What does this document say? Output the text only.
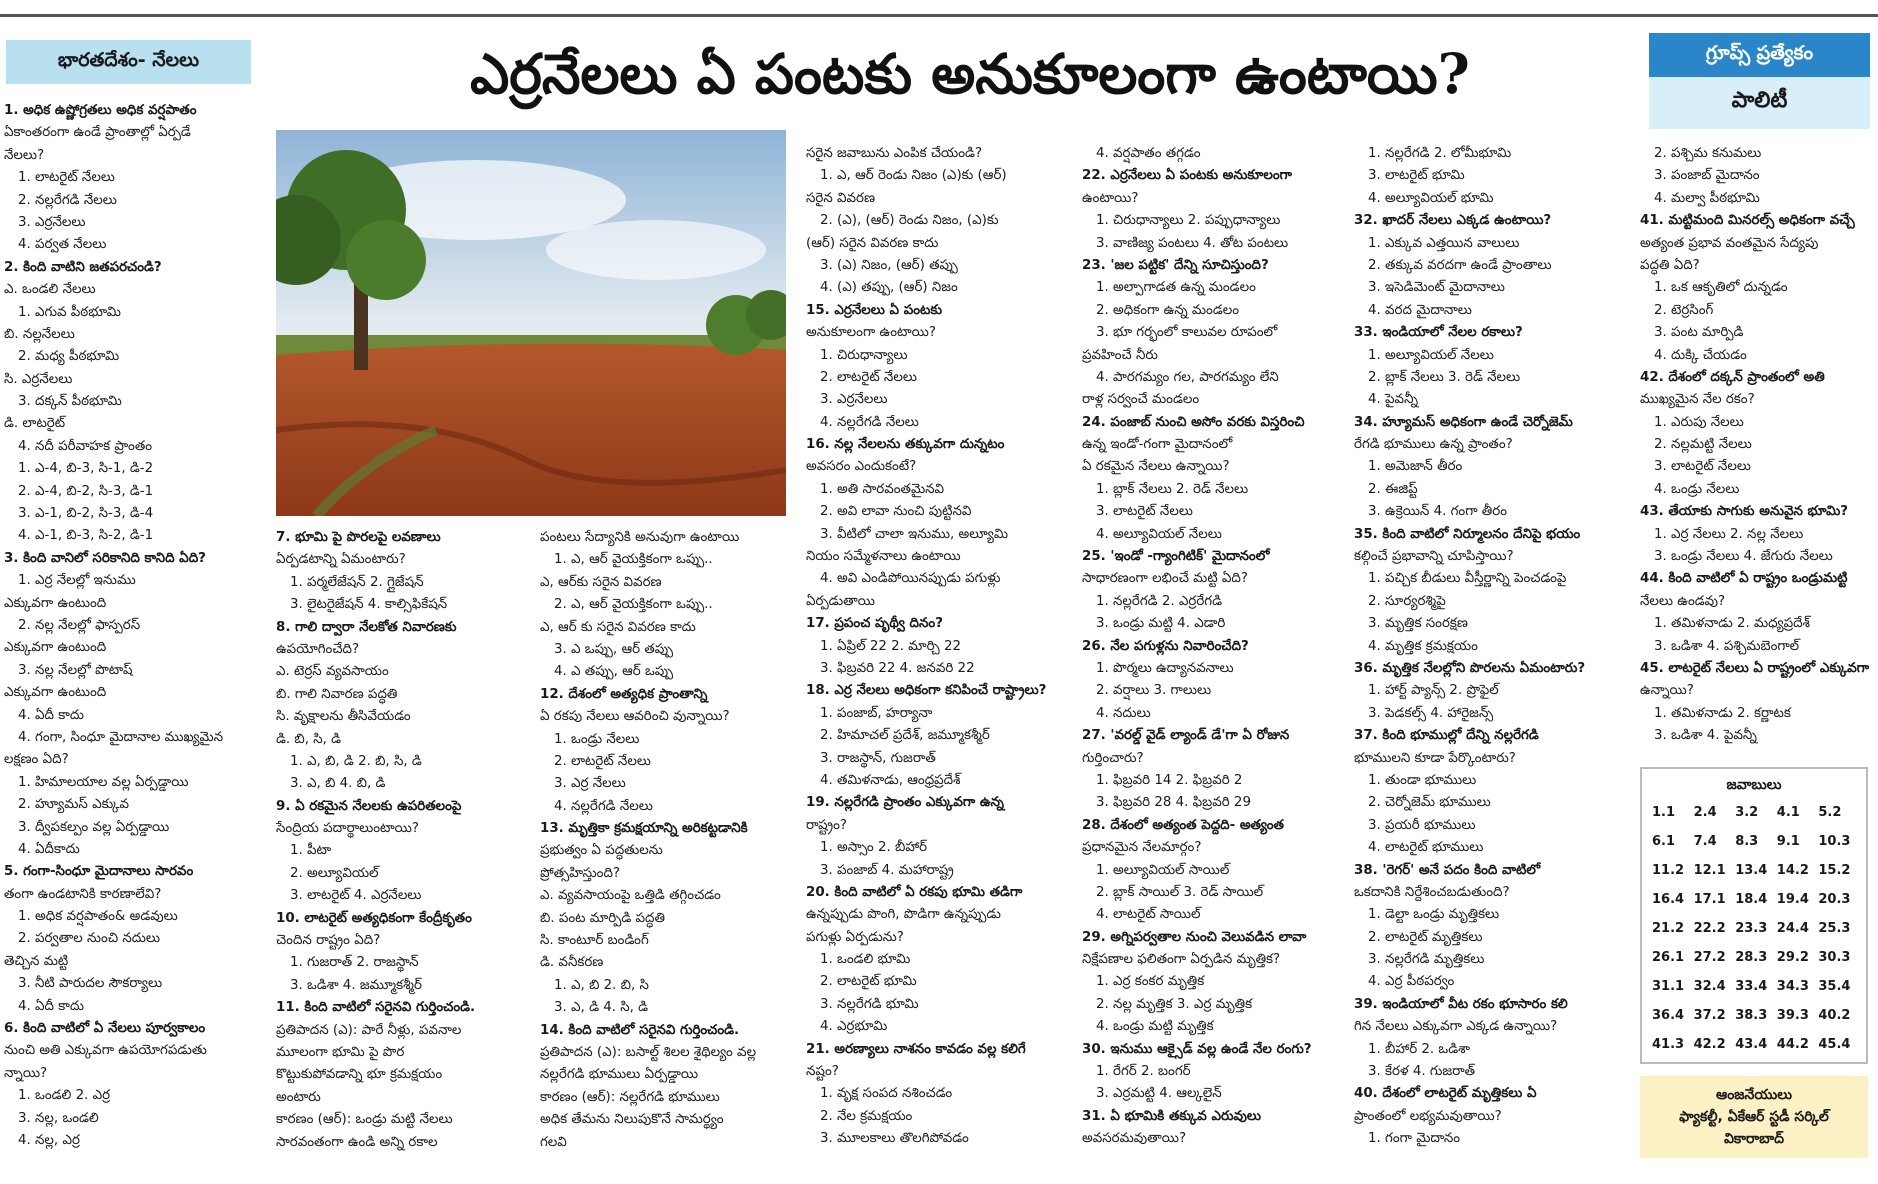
భారతదేశం- నేలలు	ఎర్రనేలలు ఏ పంటకు అనుకూలంగా ఉంటాయి?	గ్రూప్స్ ప్రత్యేకం
పాలిటీ
1. అధిక ఉష్ణోగ్రతలు అధిక వర్షపాతం
ఏకాంతరంగా ఉండే ప్రాంతాల్లో ఏర్పడే
నేలలు?
1. లాటరైట్ నేలలు
2. నల్లరేగడి నేలలు
3. ఎర్రనేలలు
4. పర్వత నేలలు
2. కింది వాటిని జతపరచండి?
ఎ. ఒండలి నేలలు
1. ఎగువ పీఠభూమి
బి. నల్లనేలలు
2. మధ్య పీఠభూమి
సి. ఎర్రనేలలు
3. దక్కన్ పీఠభూమి
డి. లాటరైట్
4. నదీ పరీవాహక ప్రాంతం
1. ఎ-4, బి-3, సి-1, డి-2
2. ఎ-4, బి-2, సి-3, డి-1
3. ఎ-1, బి-2, సి-3, డి-4
4. ఎ-1, బి-3, సి-2, డి-1
3. కింది వానిలో సరికానిది కానిది ఏది?
1. ఎర్ర నేలల్లో ఇనుము
ఎక్కువగా ఉంటుంది
2. నల్ల నేలల్లో ఫాస్పరస్
ఎక్కువగా ఉంటుంది
3. నల్ల నేలల్లో పొటాష్
ఎక్కువగా ఉంటుంది
4. ఏదీ కాదు
4. గంగా, సింధూ మైదానాల ముఖ్యమైన
లక్షణం ఏది?
1. హిమాలయాల వల్ల ఏర్పడ్డాయి
2. హ్యూమస్ ఎక్కువ
3. ద్వీపకల్పం వల్ల ఏర్పడ్డాయి
4. ఏదీకాదు
5. గంగా-సింధూ మైదానాలు సారవం
తంగా ఉండటానికి కారణాలేవి?
1. అధిక వర్షపాతం& అడవులు
2. పర్వతాల నుంచి నదులు
తెచ్చిన మట్టి
3. నీటి పారుదల సౌకర్యాలు
4. ఏదీ కాదు
6. కింది వాటిలో ఏ నేలలు పూర్వకాలం
నుంచి అతి ఎక్కువగా ఉపయోగపడుతు
న్నాయి?
1. ఒండలి 2. ఎర్ర
3. నల్ల, ఒండలి
4. నల్ల, ఎర్ర
7. భూమి పై పొరలపై లవణాలు
ఏర్పడటాన్ని ఏమంటారు?
1. పర్మలేజేషన్ 2. గ్లైజేషన్
3. లైటరైజేషన్ 4. కాల్సిఫికేషన్
8. గాలి ద్వారా నేలకోత నివారణకు
ఉపయోగించేది?
ఎ. టెర్రస్ వ్యవసాయం
బి. గాలి నివారణ పద్ధతి
సి. వృక్షాలను తీసివేయడం
డి. బి, సి, డి
1. ఎ, బి, డి 2. బి, సి, డి
3. ఎ, బి 4. బి, డి
9. ఏ రకమైన నేలలకు ఉపరితలంపై
సేంద్రియ పదార్థాలుంటాయి?
1. పీటా
2. అల్యూవియల్
3. లాటరైట్ 4. ఎర్రనేలలు
10. లాటరైట్ అత్యధికంగా కేంద్రీకృతం
చెందిన రాష్ట్రం ఏది?
1. గుజరాత్ 2. రాజస్థాన్
3. ఒడిశా 4. జమ్మూకశ్మీర్
11. కింది వాటిలో సరైనవి గుర్తించండి.
ప్రతిపాదన (ఎ): పారే నీళ్లు, పవనాల
మూలంగా భూమి పై పొర
కొట్టుకుపోవడాన్ని భూ క్రమక్షయం
అంటారు
కారణం (ఆర్): ఒండ్రు మట్టి నేలలు
సారవంతంగా ఉండి అన్ని రకాల
పంటలు సేద్యానికి అనువుగా ఉంటాయి
1. ఎ, ఆర్ వైయక్తికంగా ఒప్పు..
ఎ, ఆర్‌కు సరైన వివరణ
2. ఎ, ఆర్ వైయక్తికంగా ఒప్పు..
ఎ, ఆర్ కు సరైన వివరణ కాదు
3. ఎ ఒప్పు, ఆర్ తప్పు
4. ఎ తప్పు, ఆర్ ఒప్పు
12. దేశంలో అత్యధిక ప్రాంతాన్ని
ఏ రకపు నేలలు ఆవరించి వున్నాయి?
1. ఒండ్రు నేలలు
2. లాటరైట్ నేలలు
3. ఎర్ర నేలలు
4. నల్లరేగడి నేలలు
13. మృత్తికా క్రమక్షయాన్ని అరికట్టడానికి
ప్రభుత్వం ఏ పద్ధతులను
ప్రోత్సహిస్తుంది?
ఎ. వ్యవసాయంపై ఒత్తిడి తగ్గించడం
బి. పంట మార్పిడి పద్ధతి
సి. కాంటూర్ బండింగ్
డి. వనీకరణ
1. ఎ, బి 2. బి, సి
3. ఎ, డి 4. సి, డి
14. కింది వాటిలో సరైనవి గుర్తించండి.
ప్రతిపాదన (ఎ): బసాల్ట్ శిలల శైథిల్యం వల్ల
నల్లరేగడి భూములు ఏర్పడ్డాయి
కారణం (ఆర్): నల్లరేగడి భూములు
అధిక తేమను నిలుపుకొనే సామర్థ్యం
గలవి
సరైన జవాబును ఎంపిక చేయండి?
1. ఎ, ఆర్ రెండు నిజం (ఎ)కు (ఆర్)
సరైన వివరణ
2. (ఎ), (ఆర్) రెండు నిజం, (ఎ)కు
(ఆర్) సరైన వివరణ కాదు
3. (ఎ) నిజం, (ఆర్) తప్పు
4. (ఎ) తప్పు, (ఆర్) నిజం
15. ఎర్రనేలలు ఏ పంటకు
అనుకూలంగా ఉంటాయి?
1. చిరుధాన్యాలు
2. లాటరైట్ నేలలు
3. ఎర్రనేలలు
4. నల్లరేగడి నేలలు
16. నల్ల నేలలను తక్కువగా దున్నటం
అవసరం ఎందుకంటే?
1. అతి సారవంతమైనవి
2. అవి లావా నుంచి పుట్టినవి
3. వీటిలో చాలా ఇనుము, అల్యూమి
నియం సమ్మేళనాలు ఉంటాయి
4. అవి ఎండిపోయినప్పుడు పగుళ్లు
ఏర్పడుతాయి
17. ప్రపంచ పృథ్వీ దినం?
1. ఏప్రిల్ 22 2. మార్చి 22
3. ఫిబ్రవరి 22 4. జనవరి 22
18. ఎర్ర నేలలు అధికంగా కనిపించే రాష్ట్రాలు?
1. పంజాబ్, హర్యానా
2. హిమాచల్ ప్రదేశ్, జమ్మూకశ్మీర్
3. రాజస్థాన్, గుజరాత్
4. తమిళనాడు, ఆంధ్రప్రదేశ్
19. నల్లరేగడి ప్రాంతం ఎక్కువగా ఉన్న
రాష్ట్రం?
1. అస్సాం 2. బీహార్
3. పంజాబ్ 4. మహారాష్ట్ర
20. కింది వాటిలో ఏ రకపు భూమి తడిగా
ఉన్నప్పుడు పొంగి, పొడిగా ఉన్నప్పుడు
పగుళ్లు ఏర్పడును?
1. ఒండలి భూమి
2. లాటరైట్ భూమి
3. నల్లరేగడి భూమి
4. ఎర్రభూమి
21. అరణ్యాలు నాశనం కావడం వల్ల కలిగే
నష్టం?
1. వృక్ష సంపద నశించడం
2. నేల క్రమక్షయం
3. మూలకాలు తొలగిపోవడం
4. వర్షపాతం తగ్గడం
22. ఎర్రనేలలు ఏ పంటకు అనుకూలంగా
ఉంటాయి?
1. చిరుధాన్యాలు 2. పప్పుధాన్యాలు
3. వాణిజ్య పంటలు 4. తోట పంటలు
23. 'జల పట్టిక' దేన్ని సూచిస్తుంది?
1. అల్పాగాడత ఉన్న మండలం
2. అధికంగా ఉన్న మండలం
3. భూ గర్భంలో కాలువల రూపంలో
ప్రవహించే నీరు
4. పారగమ్యం గల, పారగమ్యం లేని
రాళ్ల సర్వంచే మండలం
24. పంజాబ్ నుంచి అసోం వరకు విస్తరించి
ఉన్న ఇండో-గంగా మైదానంలో
ఏ రకమైన నేలలు ఉన్నాయి?
1. బ్లాక్ నేలలు 2. రెడ్ నేలలు
3. లాటరైట్ నేలలు
4. అల్యూవియల్ నేలలు
25. 'ఇండో -గ్యాంగిటిక్' మైదానంలో
సాధారణంగా లభించే మట్టి ఏది?
1. నల్లరేగడి 2. ఎర్రరేగడి
3. ఒండ్రు మట్టి 4. ఎడారి
26. నేల పగుళ్లను నివారించేది?
1. పొర్మలు ఉద్యానవనాలు
2. వర్షాలు 3. గాలులు
4. నదులు
27. 'వరల్డ్ వైడ్ ల్యాండ్ డే'గా ఏ రోజున
గుర్తించారు?
1. ఫిబ్రవరి 14 2. ఫిబ్రవరి 2
3. ఫిబ్రవరి 28 4. ఫిబ్రవరి 29
28. దేశంలో అత్యంత పెద్దది- అత్యంత
ప్రధానమైన నేలమార్గం?
1. అల్యూవియల్ సాయిల్
2. బ్లాక్ సాయిల్ 3. రెడ్ సాయిల్
4. లాటరైట్ సాయిల్
29. అగ్నిపర్వతాల నుంచి వెలువడిన లావా
నిక్షేపణాల ఫలితంగా ఏర్పడిన మృత్తిక?
1. ఎర్ర కంకర మృత్తిక
2. నల్ల మృత్తిక 3. ఎర్ర మృత్తిక
4. ఒండ్రు మట్టి మృత్తిక
30. ఇనుము ఆక్సైడ్ వల్ల ఉండే నేల రంగు?
1. రేగర్ 2. బంగర్
3. ఎర్రమట్టి 4. ఆల్కలైన్
31. ఏ భూమికి తక్కువ ఎరువులు
అవసరమవుతాయి?
1. నల్లరేగడి 2. లోమీభూమి
3. లాటరైట్ భూమి
4. అల్యూవియల్ భూమి
32. ఖాదర్ నేలలు ఎక్కడ ఉంటాయి?
1. ఎక్కువ ఎత్తయిన వాలులు
2. తక్కువ వరదగా ఉండే ప్రాంతాలు
3. ఇసెడిమెంట్ మైదానాలు
4. వరద మైదానాలు
33. ఇండియాలో నేలల రకాలు?
1. అల్యూవియల్ నేలలు
2. బ్లాక్ నేలలు 3. రెడ్ నేలలు
4. పైవన్నీ
34. హ్యూమస్ అధికంగా ఉండే చెర్నోజెమ్
రేగడి భూములు ఉన్న ప్రాంతం?
1. అమెజాన్ తీరం
2. ఈజిప్ట్
3. ఉక్రెయిన్ 4. గంగా తీరం
35. కింది వాటిలో నిర్మూలనం దేనిపై భయం
కల్గించే ప్రభావాన్ని చూపిస్తాయి?
1. పచ్చిక బీడులు వీస్తీర్ణాన్ని పెంచడంపై
2. సూర్యరశ్మిపై
3. మృత్తిక సంరక్షణ
4. మృత్తిక క్రమక్షయం
36. మృత్తిక నేలల్లోని పొరలను ఏమంటారు?
1. హార్ట్ ప్యాన్స్ 2. ప్రొఫైల్
3. పెడకల్స్ 4. హారైజన్స్
37. కింది భూముల్లో దేన్ని నల్లరేగడి
భూములని కూడా పేర్కొంటారు?
1. తుండా భూములు
2. చెర్నోజెమ్ భూములు
3. ప్రయరీ భూములు
4. లాటరైట్ భూములు
38. 'రెగర్' అనే పదం కింది వాటిలో
ఒకదానికి నిర్దేశించబడుతుంది?
1. డెల్టా ఒండ్రు మృత్తికలు
2. లాటరైట్ మృత్తికలు
3. నల్లరేగడి మృత్తికలు
4. ఎర్ర పీఠపర్వం
39. ఇండియాలో వీట రకం భూసారం కలి
గిన నేలలు ఎక్కువగా ఎక్కడ ఉన్నాయి?
1. బీహార్ 2. ఒడిశా
3. కేరళ 4. గుజరాత్
40. దేశంలో లాటరైట్ మృత్తికలు ఏ
ప్రాంతంలో లభ్యమవుతాయి?
1. గంగా మైదానం
2. పశ్చిమ కనుమలు
3. పంజాబ్ మైదానం
4. మల్వా పీఠభూమి
41. మట్టిమంది మినరల్స్ అధికంగా వచ్చే
అత్యంత ప్రభావ వంతమైన సేద్యపు
పద్ధతి ఏది?
1. ఒక ఆకృతిలో దున్నడం
2. టెర్రసింగ్
3. పంట మార్పిడి
4. దుక్కి చేయడం
42. దేశంలో దక్కన్ ప్రాంతంలో అతి
ముఖ్యమైన నేల రకం?
1. ఎరుపు నేలలు
2. నల్లమట్టి నేలలు
3. లాటరైట్ నేలలు
4. ఒండ్రు నేలలు
43. తేయాకు సాగుకు అనువైన భూమి?
1. ఎర్ర నేలలు 2. నల్ల నేలలు
3. ఒండ్రు నేలలు 4. జేగురు నేలలు
44. కింది వాటిలో ఏ రాష్ట్రం ఒండ్రుమట్టి
నేలలు ఉండవు?
1. తమిళనాడు 2. మధ్యప్రదేశ్
3. ఒడిశా 4. పశ్చిమబెంగాల్
45. లాటరైట్ నేలలు ఏ రాష్ట్రంలో ఎక్కువగా
ఉన్నాయి?
1. తమిళనాడు 2. కర్ణాటక
3. ఒడిశా 4. పైవన్నీ
జవాబులు
1.1	2.4	3.2	4.1	5.2
6.1	7.4	8.3	9.1	10.3
11.2 12.1 13.4 14.2 15.2
16.4 17.1 18.4 19.4 20.3
21.2 22.2 23.3 24.4 25.3
26.1 27.2 28.3 29.2 30.3
31.1 32.4 33.4 34.3 35.4
36.4 37.2 38.3 39.3 40.2
41.3 42.2 43.4 44.2 45.4
ఆంజనేయులు
ఫ్యాకల్టీ, ఏకేఆర్ స్టడీ సర్కిల్
వికారాబాద్
